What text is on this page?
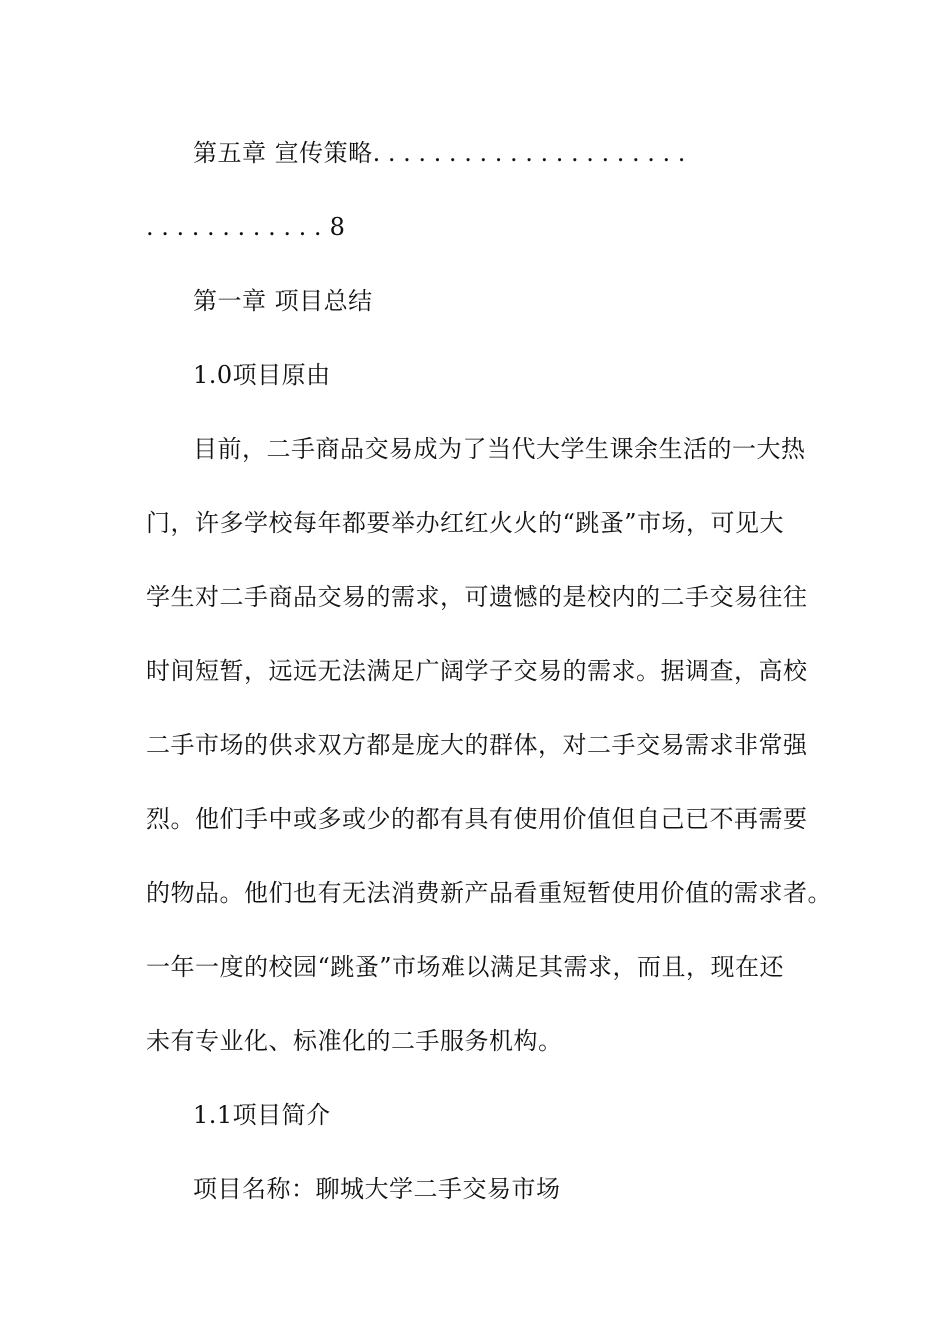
第五章 宣传策略. . . . . . . . . . . . . . . . . . . . .
. . . . . . . . . . . . 8
第一章 项目总结
1.0项目原由
目前，二手商品交易成为了当代大学生课余生活的一大热
门，许多学校每年都要举办红红火火的“跳蚤”市场，可见大
学生对二手商品交易的需求，可遗憾的是校内的二手交易往往
时间短暂，远远无法满足广阔学子交易的需求。据调查，高校
二手市场的供求双方都是庞大的群体，对二手交易需求非常强
烈。他们手中或多或少的都有具有使用价值但自己已不再需要
的物品。他们也有无法消费新产品看重短暂使用价值的需求者。
一年一度的校园“跳蚤”市场难以满足其需求，而且，现在还
未有专业化、标准化的二手服务机构。
1.1项目简介
项目名称：聊城大学二手交易市场
